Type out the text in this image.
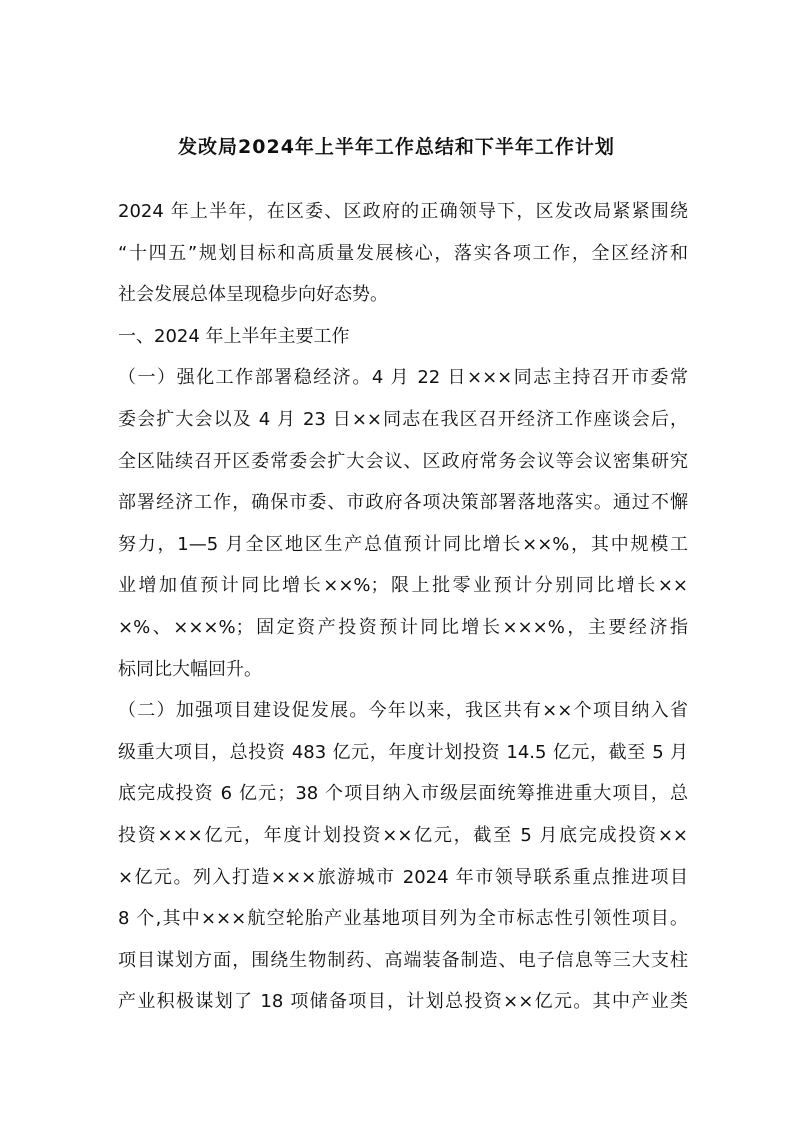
发改局2024年上半年工作总结和下半年工作计划
2024 年上半年，在区委、区政府的正确领导下，区发改局紧紧围绕
“十四五”规划目标和高质量发展核心，落实各项工作，全区经济和
社会发展总体呈现稳步向好态势。
一、2024 年上半年主要工作
（一）强化工作部署稳经济。4 月 22 日×××同志主持召开市委常
委会扩大会以及 4 月 23 日××同志在我区召开经济工作座谈会后，
全区陆续召开区委常委会扩大会议、区政府常务会议等会议密集研究
部署经济工作，确保市委、市政府各项决策部署落地落实。通过不懈
努力，1—5 月全区地区生产总值预计同比增长××%，其中规模工
业增加值预计同比增长××%；限上批零业预计分别同比增长××
×%、×××%；固定资产投资预计同比增长×××%，主要经济指
标同比大幅回升。
（二）加强项目建设促发展。今年以来，我区共有××个项目纳入省
级重大项目，总投资 483 亿元，年度计划投资 14.5 亿元，截至 5 月
底完成投资 6 亿元；38 个项目纳入市级层面统筹推进重大项目，总
投资×××亿元，年度计划投资××亿元，截至 5 月底完成投资××
×亿元。列入打造×××旅游城市 2024 年市领导联系重点推进项目
8 个,其中×××航空轮胎产业基地项目列为全市标志性引领性项目。
项目谋划方面，围绕生物制药、高端装备制造、电子信息等三大支柱
产业积极谋划了 18 项储备项目，计划总投资××亿元。其中产业类
